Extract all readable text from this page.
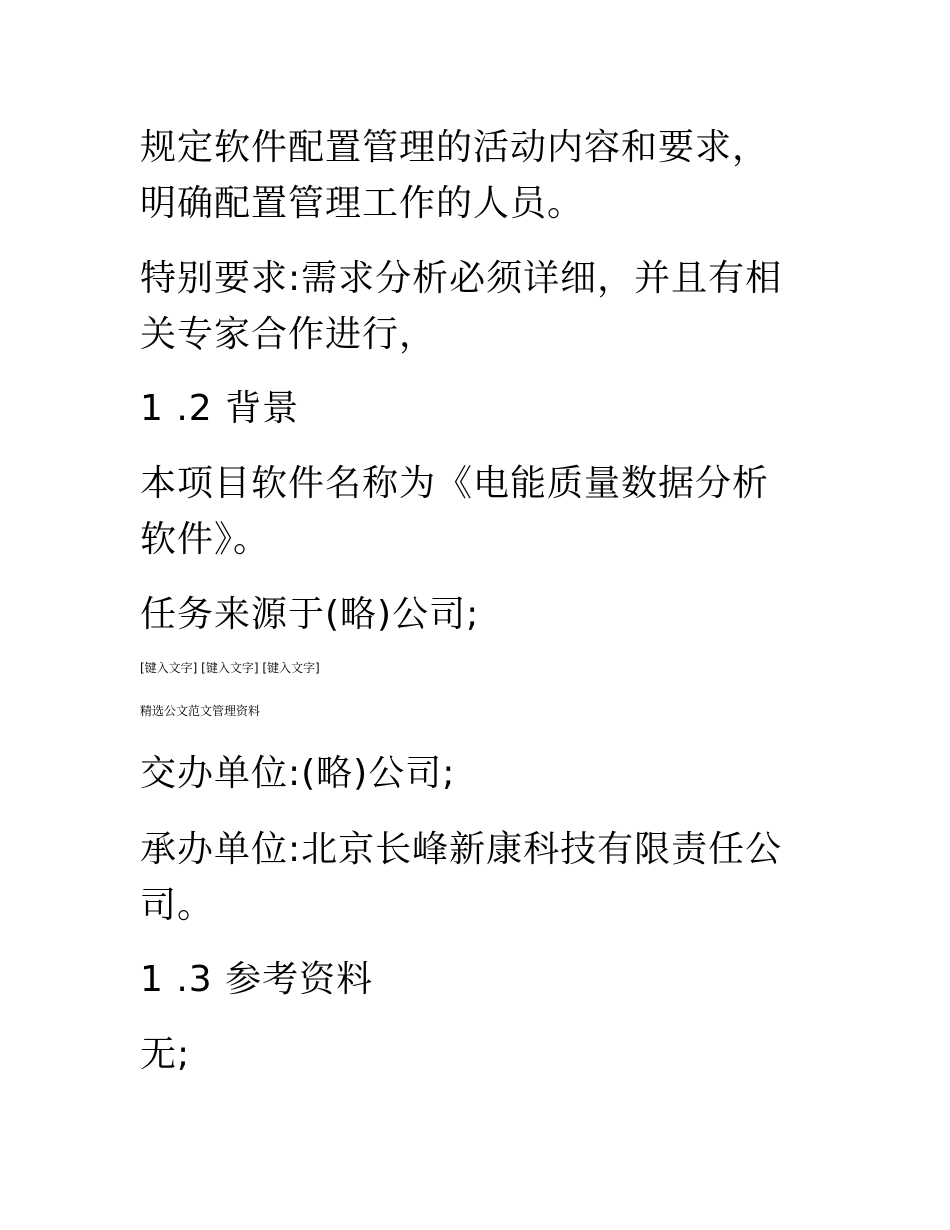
规定软件配置管理的活动内容和要求，

明确配置管理工作的人员。

特别要求:需求分析必须详细，并且有相

关专家合作进行，

1 .2 背景

本项目软件名称为《电能质量数据分析

软件》。

任务来源于(略)公司;

[键入文字] [键入文字] [键入文字]

精选公文范文管理资料

交办单位:(略)公司;

承办单位:北京长峰新康科技有限责任公

司。

1 .3 参考资料

无;
